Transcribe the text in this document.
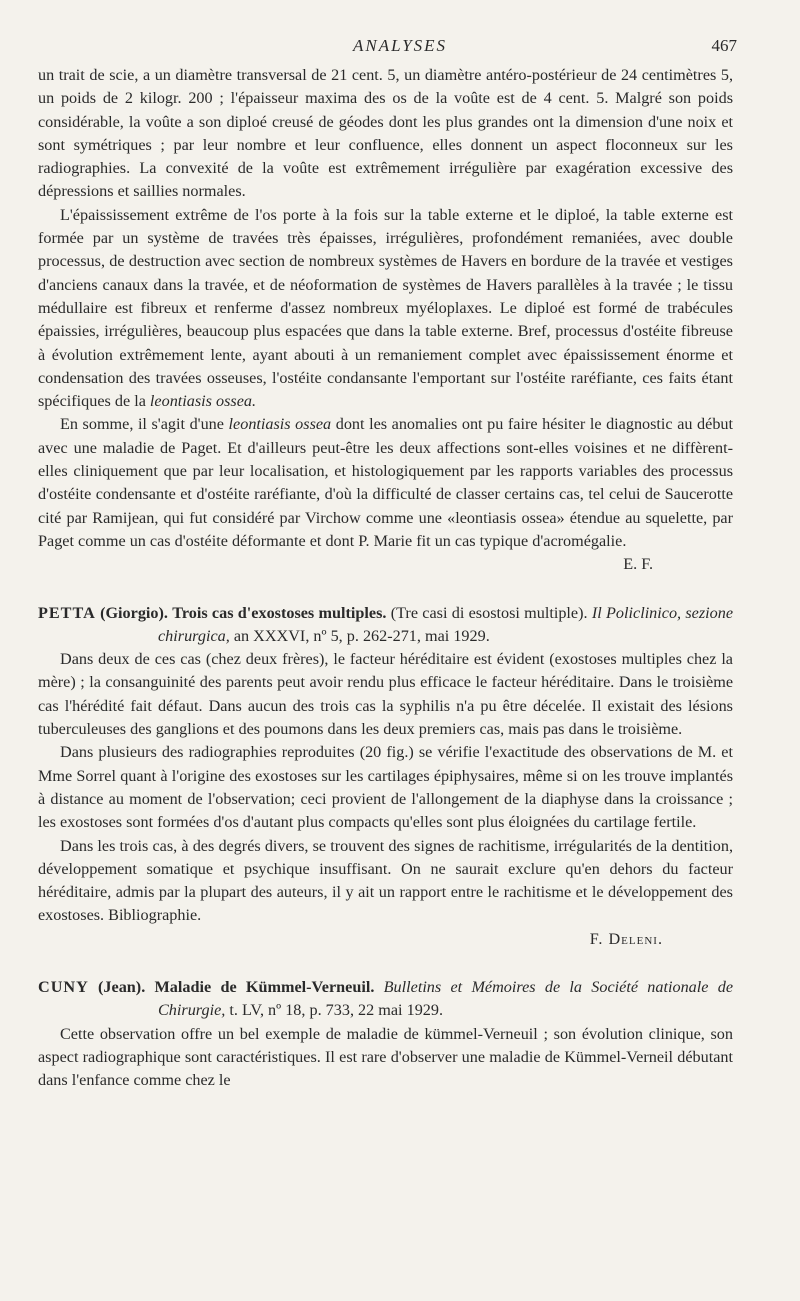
ANALYSES	467

un trait de scie, a un diamètre transversal de 21 cent. 5, un diamètre antéro-postérieur de 24 centimètres 5, un poids de 2 kilogr. 200 ; l'épaisseur maxima des os de la voûte est de 4 cent. 5. Malgré son poids considérable, la voûte a son diploé creusé de géodes dont les plus grandes ont la dimension d'une noix et sont symétriques ; par leur nombre et leur confluence, elles donnent un aspect floconneux sur les radiographies. La convexité de la voûte est extrêmement irrégulière par exagération excessive des dépressions et saillies normales.

L'épaississement extrême de l'os porte à la fois sur la table externe et le diploé, la table externe est formée par un système de travées très épaisses, irrégulières, profondément remaniées, avec double processus, de destruction avec section de nombreux systèmes de Havers en bordure de la travée et vestiges d'anciens canaux dans la travée, et de néoformation de systèmes de Havers parallèles à la travée ; le tissu médullaire est fibreux et renferme d'assez nombreux myéloplaxes. Le diploé est formé de trabécules épaissies, irrégulières, beaucoup plus espacées que dans la table externe. Bref, processus d'ostéite fibreuse à évolution extrêmement lente, ayant abouti à un remaniement complet avec épaississement énorme et condensation des travées osseuses, l'ostéite condansante l'emportant sur l'ostéite raréfiante, ces faits étant spécifiques de la leontiasis ossea.

En somme, il s'agit d'une leontiasis ossea dont les anomalies ont pu faire hésiter le diagnostic au début avec une maladie de Paget. Et d'ailleurs peut-être les deux affections sont-elles voisines et ne diffèrent-elles cliniquement que par leur localisation, et histologiquement par les rapports variables des processus d'ostéite condensante et d'ostéite raréfiante, d'où la difficulté de classer certains cas, tel celui de Saucerotte cité par Ramijean, qui fut considéré par Virchow comme une «leontiasis ossea» étendue au squelette, par Paget comme un cas d'ostéite déformante et dont P. Marie fit un cas typique d'acromégalie.

E. F.

PETTA (Giorgio). Trois cas d'exostoses multiples. (Tre casi di esostosi multiple). Il Policlinico, sezione chirurgica, an XXXVI, nº 5, p. 262-271, mai 1929.

Dans deux de ces cas (chez deux frères), le facteur héréditaire est évident (exostoses multiples chez la mère) ; la consanguinité des parents peut avoir rendu plus efficace le facteur héréditaire. Dans le troisième cas l'hérédité fait défaut. Dans aucun des trois cas la syphilis n'a pu être décelée. Il existait des lésions tuberculeuses des ganglions et des poumons dans les deux premiers cas, mais pas dans le troisième.

Dans plusieurs des radiographies reproduites (20 fig.) se vérifie l'exactitude des observations de M. et Mme Sorrel quant à l'origine des exostoses sur les cartilages épiphysaires, même si on les trouve implantés à distance au moment de l'observation; ceci provient de l'allongement de la diaphyse dans la croissance ; les exostoses sont formées d'os d'autant plus compacts qu'elles sont plus éloignées du cartilage fertile.

Dans les trois cas, à des degrés divers, se trouvent des signes de rachitisme, irrégularités de la dentition, développement somatique et psychique insuffisant. On ne saurait exclure qu'en dehors du facteur héréditaire, admis par la plupart des auteurs, il y ait un rapport entre le rachitisme et le développement des exostoses. Bibliographie.

F. Deleni.

CUNY (Jean). Maladie de Kümmel-Verneuil. Bulletins et Mémoires de la Société nationale de Chirurgie, t. LV, nº 18, p. 733, 22 mai 1929.

Cette observation offre un bel exemple de maladie de kümmel-Verneuil ; son évolution clinique, son aspect radiographique sont caractéristiques. Il est rare d'observer une maladie de Kümmel-Verneil débutant dans l'enfance comme chez le
